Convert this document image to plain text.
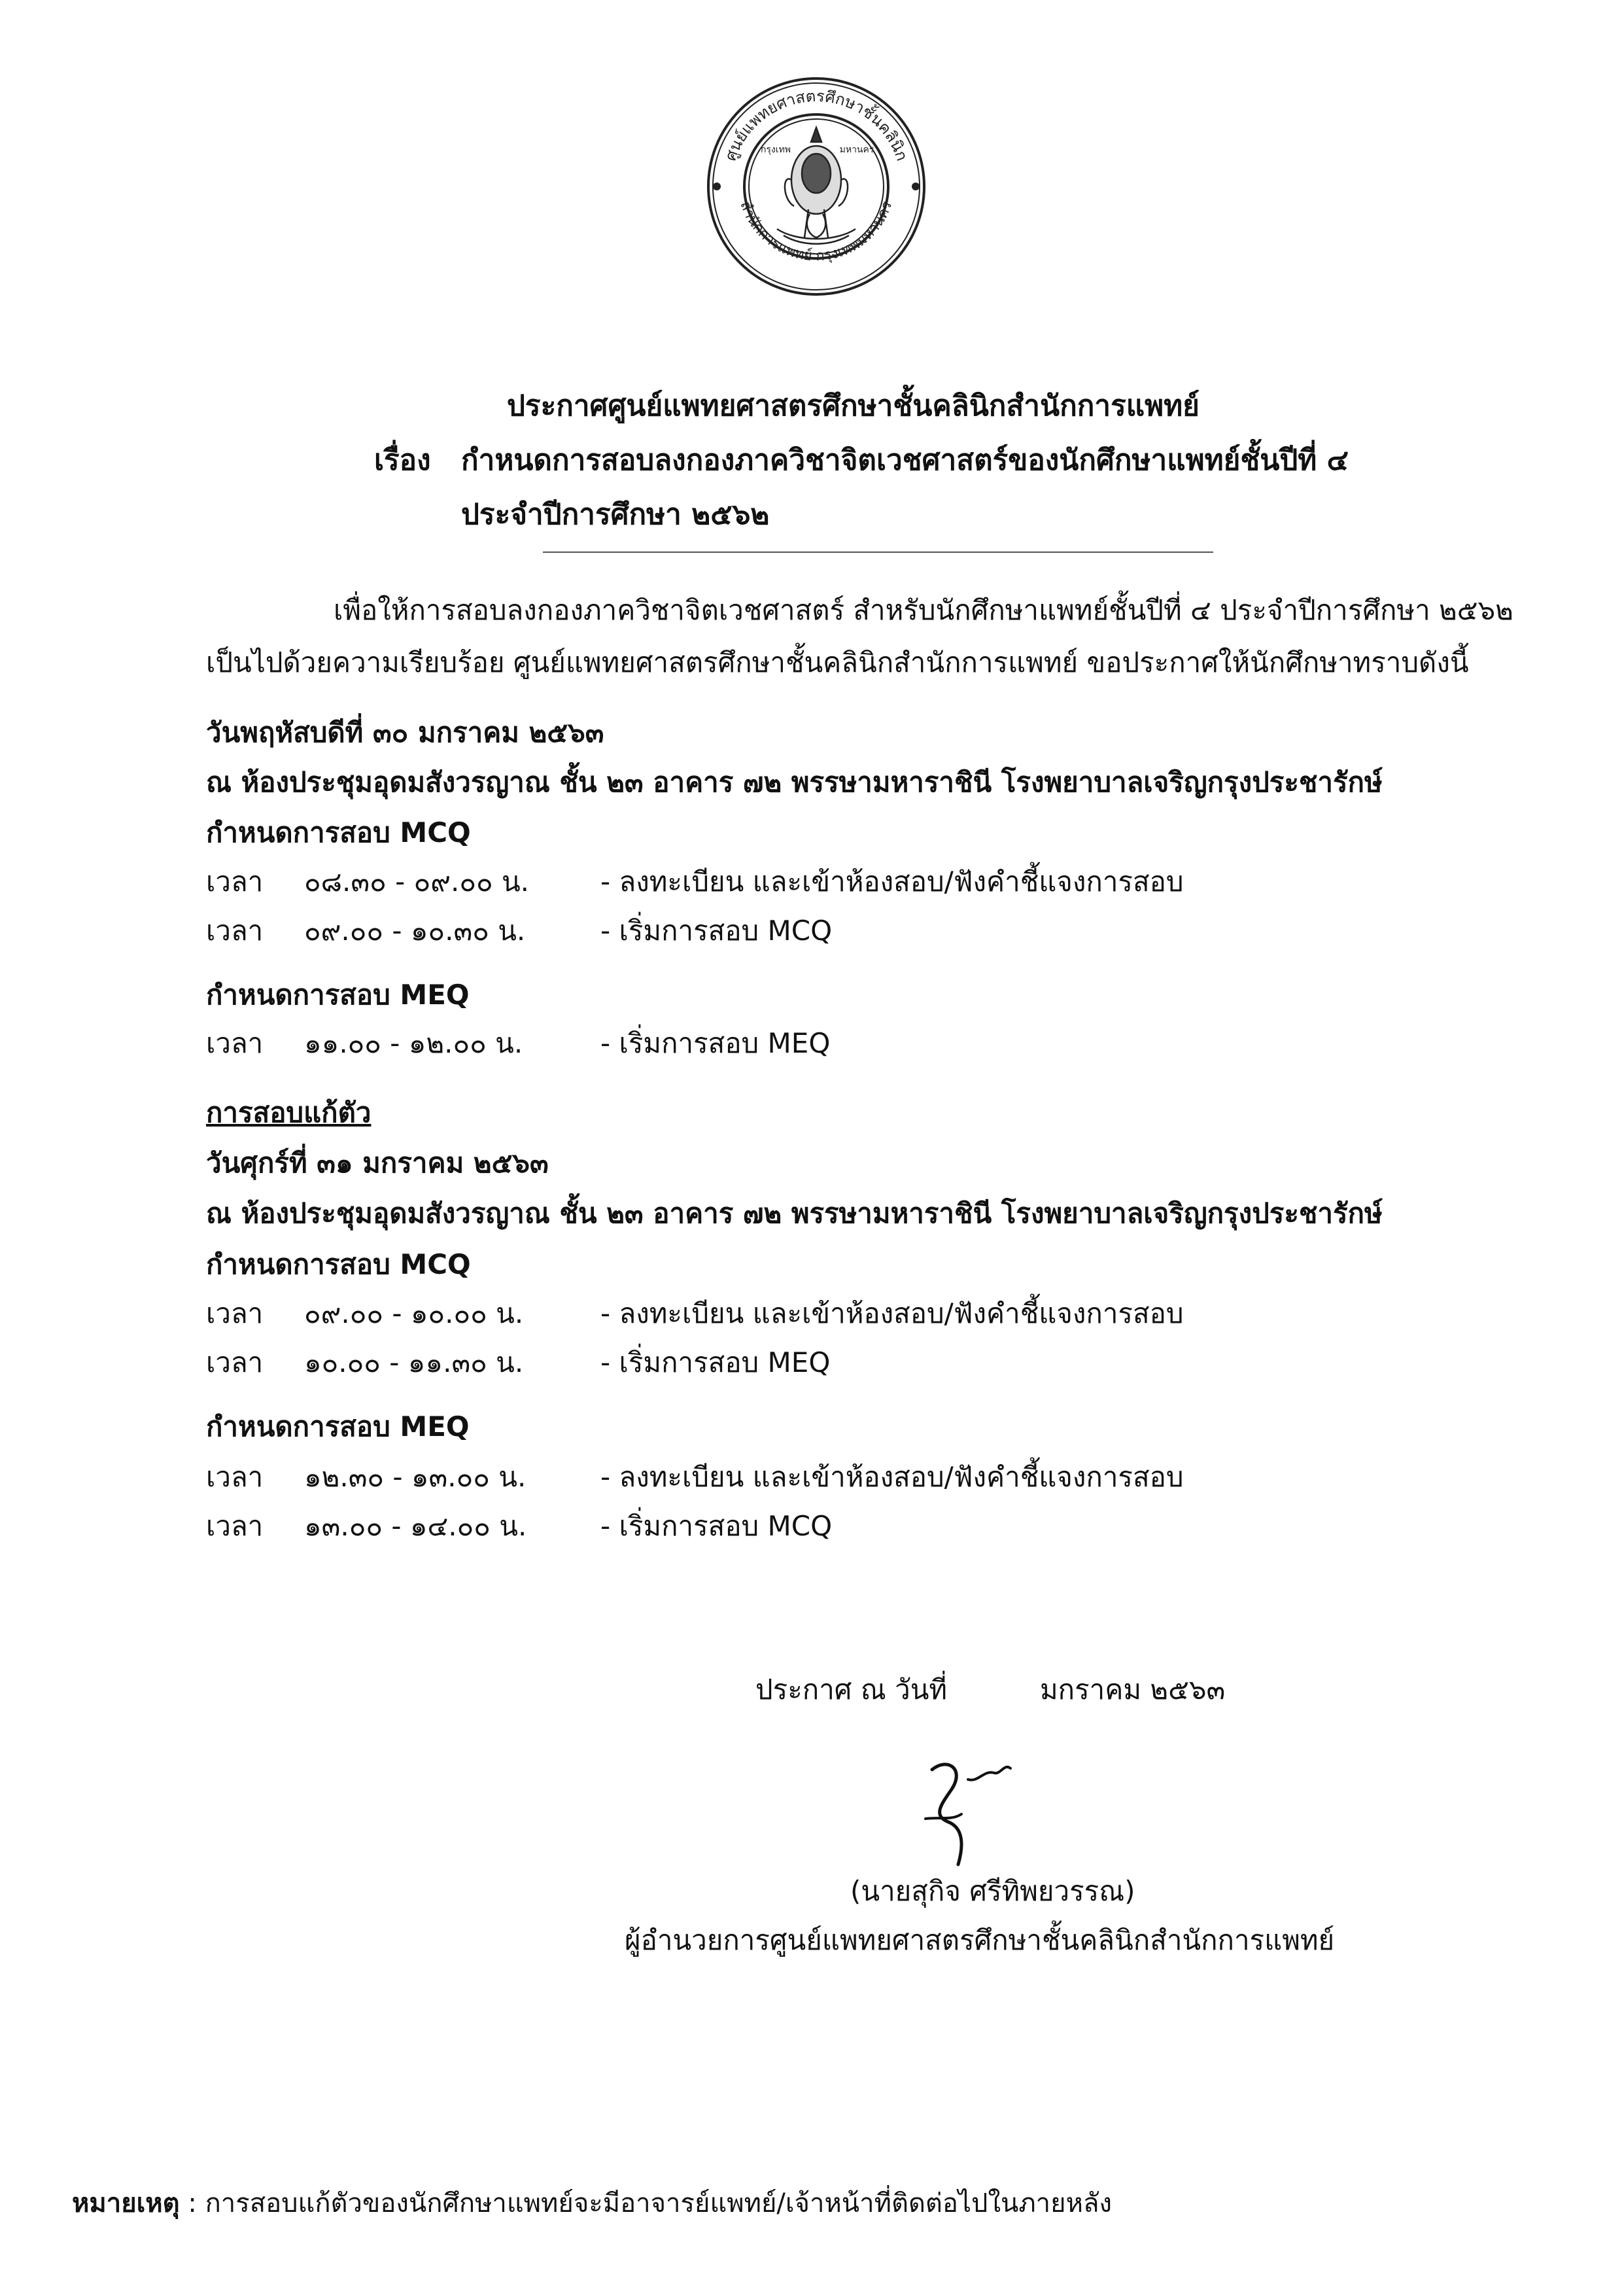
ศูนย์แพทยศาสตรศึกษาชั้นคลินิก
สำนักการแพทย์ กรุงเทพมหานคร
กรุงเทพ	มหานคร
ประกาศศูนย์แพทยศาสตรศึกษาชั้นคลินิกสำนักการแพทย์
เรื่อง กำหนดการสอบลงกองภาควิชาจิตเวชศาสตร์ของนักศึกษาแพทย์ชั้นปีที่ ๔
ประจำปีการศึกษา ๒๕๖๒
เพื่อให้การสอบลงกองภาควิชาจิตเวชศาสตร์ สำหรับนักศึกษาแพทย์ชั้นปีที่ ๔ ประจำปีการศึกษา ๒๕๖๒
เป็นไปด้วยความเรียบร้อย ศูนย์แพทยศาสตรศึกษาชั้นคลินิกสำนักการแพทย์ ขอประกาศให้นักศึกษาทราบดังนี้
วันพฤหัสบดีที่ ๓๐ มกราคม ๒๕๖๓
ณ ห้องประชุมอุดมสังวรญาณ ชั้น ๒๓ อาคาร ๗๒ พรรษามหาราชินี โรงพยาบาลเจริญกรุงประชารักษ์
กำหนดการสอบ MCQ
เวลา ๐๘.๓๐ - ๐๙.๐๐ น.	- ลงทะเบียน และเข้าห้องสอบ/ฟังคำชี้แจงการสอบ
เวลา ๐๙.๐๐ - ๑๐.๓๐ น.	- เริ่มการสอบ MCQ
กำหนดการสอบ MEQ
เวลา ๑๑.๐๐ - ๑๒.๐๐ น.	- เริ่มการสอบ MEQ
การสอบแก้ตัว
วันศุกร์ที่ ๓๑ มกราคม ๒๕๖๓
ณ ห้องประชุมอุดมสังวรญาณ ชั้น ๒๓ อาคาร ๗๒ พรรษามหาราชินี โรงพยาบาลเจริญกรุงประชารักษ์
กำหนดการสอบ MCQ
เวลา ๐๙.๐๐ - ๑๐.๐๐ น.	- ลงทะเบียน และเข้าห้องสอบ/ฟังคำชี้แจงการสอบ
เวลา ๑๐.๐๐ - ๑๑.๓๐ น.	- เริ่มการสอบ MEQ
กำหนดการสอบ MEQ
เวลา ๑๒.๓๐ - ๑๓.๐๐ น.	- ลงทะเบียน และเข้าห้องสอบ/ฟังคำชี้แจงการสอบ
เวลา ๑๓.๐๐ - ๑๔.๐๐ น.	- เริ่มการสอบ MCQ
ประกาศ ณ วันที่	มกราคม ๒๕๖๓
(นายสุกิจ ศรีทิพยวรรณ)
ผู้อำนวยการศูนย์แพทยศาสตรศึกษาชั้นคลินิกสำนักการแพทย์
หมายเหตุ : การสอบแก้ตัวของนักศึกษาแพทย์จะมีอาจารย์แพทย์/เจ้าหน้าที่ติดต่อไปในภายหลัง
